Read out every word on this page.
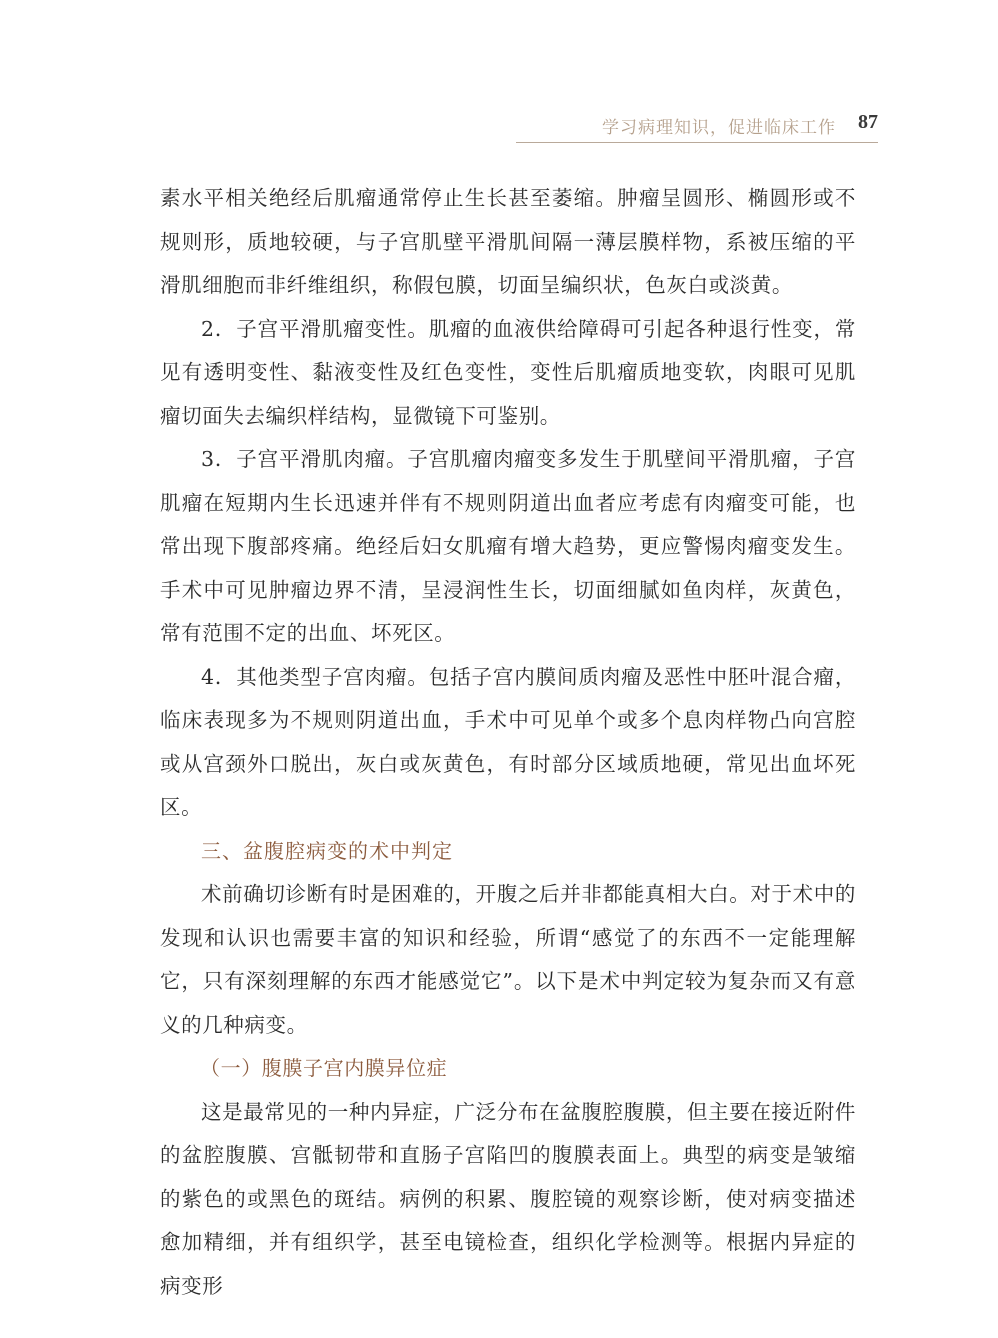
学习病理知识，促进临床工作 87

素水平相关绝经后肌瘤通常停止生长甚至萎缩。肿瘤呈圆形、椭圆形或不规则形，质地较硬，与子宫肌壁平滑肌间隔一薄层膜样物，系被压缩的平滑肌细胞而非纤维组织，称假包膜，切面呈编织状，色灰白或淡黄。

2．子宫平滑肌瘤变性。肌瘤的血液供给障碍可引起各种退行性变，常见有透明变性、黏液变性及红色变性，变性后肌瘤质地变软，肉眼可见肌瘤切面失去编织样结构，显微镜下可鉴别。

3．子宫平滑肌肉瘤。子宫肌瘤肉瘤变多发生于肌壁间平滑肌瘤，子宫肌瘤在短期内生长迅速并伴有不规则阴道出血者应考虑有肉瘤变可能，也常出现下腹部疼痛。绝经后妇女肌瘤有增大趋势，更应警惕肉瘤变发生。手术中可见肿瘤边界不清，呈浸润性生长，切面细腻如鱼肉样，灰黄色，常有范围不定的出血、坏死区。

4．其他类型子宫肉瘤。包括子宫内膜间质肉瘤及恶性中胚叶混合瘤，临床表现多为不规则阴道出血，手术中可见单个或多个息肉样物凸向宫腔或从宫颈外口脱出，灰白或灰黄色，有时部分区域质地硬，常见出血坏死区。

三、盆腹腔病变的术中判定

术前确切诊断有时是困难的，开腹之后并非都能真相大白。对于术中的发现和认识也需要丰富的知识和经验，所谓“感觉了的东西不一定能理解它，只有深刻理解的东西才能感觉它”。以下是术中判定较为复杂而又有意义的几种病变。

（一）腹膜子宫内膜异位症

这是最常见的一种内异症，广泛分布在盆腹腔腹膜，但主要在接近附件的盆腔腹膜、宫骶韧带和直肠子宫陷凹的腹膜表面上。典型的病变是皱缩的紫色的或黑色的斑结。病例的积累、腹腔镜的观察诊断，使对病变描述愈加精细，并有组织学，甚至电镜检查，组织化学检测等。根据内异症的病变形
